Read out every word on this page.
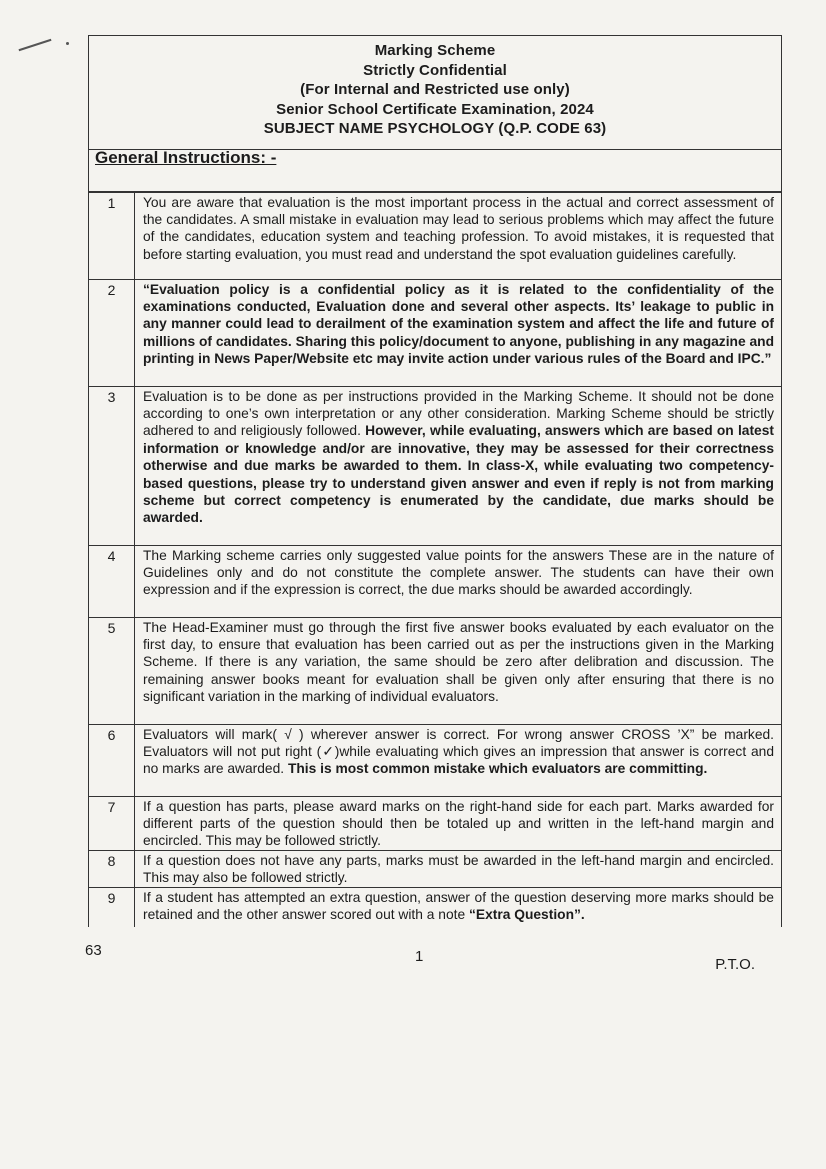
Marking Scheme
Strictly Confidential
(For Internal and Restricted use only)
Senior School Certificate Examination, 2024
SUBJECT NAME PSYCHOLOGY (Q.P. CODE 63)
General Instructions: -
1	You are aware that evaluation is the most important process in the actual and correct assessment of the candidates. A small mistake in evaluation may lead to serious problems which may affect the future of the candidates, education system and teaching profession. To avoid mistakes, it is requested that before starting evaluation, you must read and understand the spot evaluation guidelines carefully.
2	“Evaluation policy is a confidential policy as it is related to the confidentiality of the examinations conducted, Evaluation done and several other aspects. Its’ leakage to public in any manner could lead to derailment of the examination system and affect the life and future of millions of candidates. Sharing this policy/document to anyone, publishing in any magazine and printing in News Paper/Website etc may invite action under various rules of the Board and IPC.”
3	Evaluation is to be done as per instructions provided in the Marking Scheme. It should not be done according to one’s own interpretation or any other consideration. Marking Scheme should be strictly adhered to and religiously followed. However, while evaluating, answers which are based on latest information or knowledge and/or are innovative, they may be assessed for their correctness otherwise and due marks be awarded to them. In class-X, while evaluating two competency-based questions, please try to understand given answer and even if reply is not from marking scheme but correct competency is enumerated by the candidate, due marks should be awarded.
4	The Marking scheme carries only suggested value points for the answers These are in the nature of Guidelines only and do not constitute the complete answer. The students can have their own expression and if the expression is correct, the due marks should be awarded accordingly.
5	The Head-Examiner must go through the first five answer books evaluated by each evaluator on the first day, to ensure that evaluation has been carried out as per the instructions given in the Marking Scheme. If there is any variation, the same should be zero after delibration and discussion. The remaining answer books meant for evaluation shall be given only after ensuring that there is no significant variation in the marking of individual evaluators.
6	Evaluators will mark( √ ) wherever answer is correct. For wrong answer CROSS ’X” be marked. Evaluators will not put right (✓)while evaluating which gives an impression that answer is correct and no marks are awarded. This is most common mistake which evaluators are committing.
7	If a question has parts, please award marks on the right-hand side for each part. Marks awarded for different parts of the question should then be totaled up and written in the left-hand margin and encircled. This may be followed strictly.
8	If a question does not have any parts, marks must be awarded in the left-hand margin and encircled. This may also be followed strictly.
9	If a student has attempted an extra question, answer of the question deserving more marks should be retained and the other answer scored out with a note “Extra Question”.
63	1	P.T.O.
